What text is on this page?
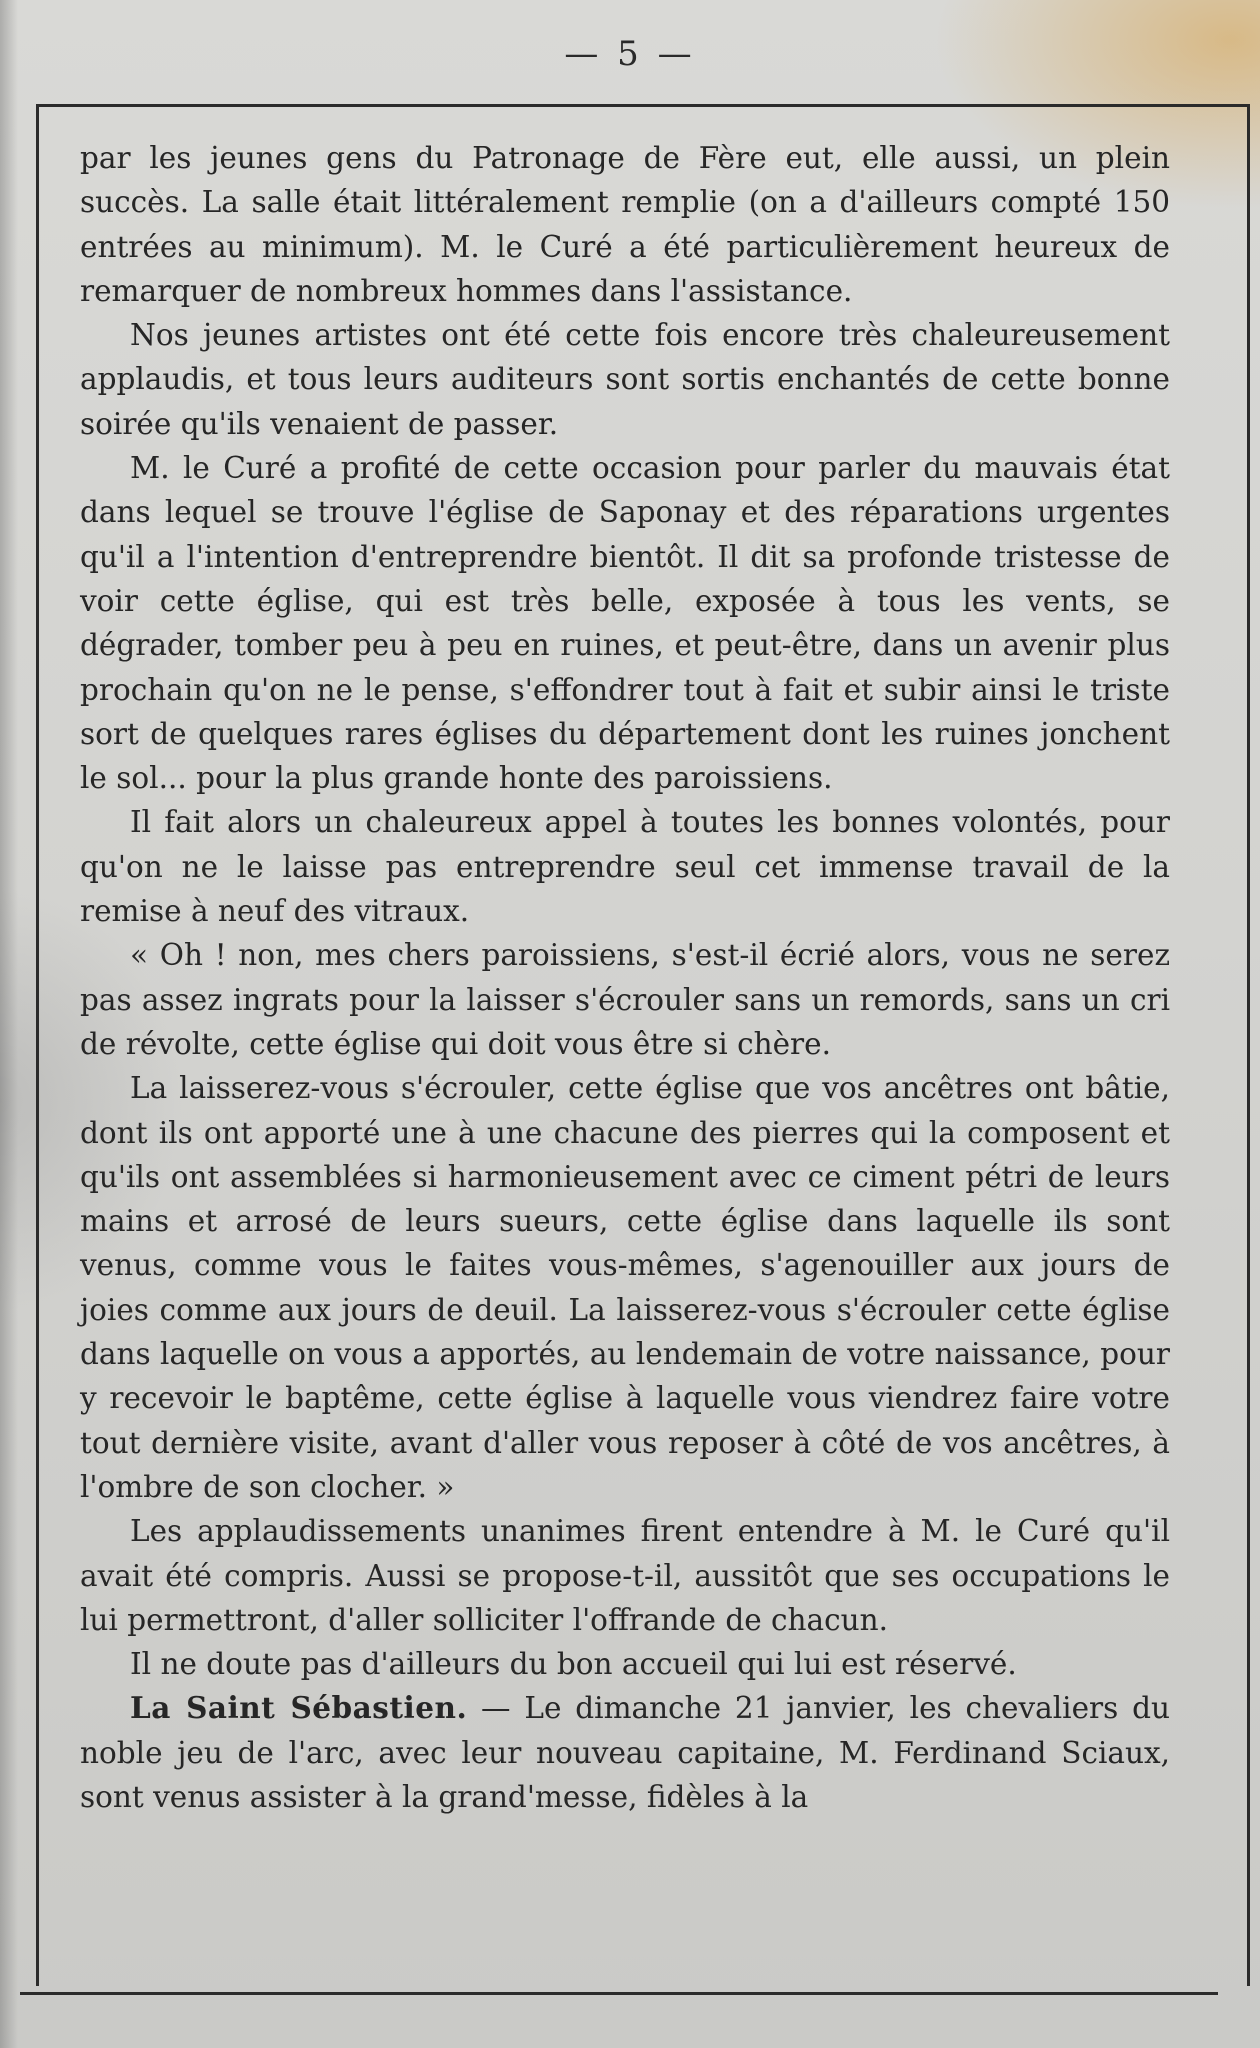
— 5 —

par les jeunes gens du Patronage de Fère eut, elle aussi, un plein succès. La salle était littéralement remplie (on a d'ailleurs compté 150 entrées au minimum). M. le Curé a été particulièrement heureux de remarquer de nombreux hommes dans l'assistance.

Nos jeunes artistes ont été cette fois encore très chaleureusement applaudis, et tous leurs auditeurs sont sortis enchantés de cette bonne soirée qu'ils venaient de passer.

M. le Curé a profité de cette occasion pour parler du mauvais état dans lequel se trouve l'église de Saponay et des réparations urgentes qu'il a l'intention d'entreprendre bientôt. Il dit sa profonde tristesse de voir cette église, qui est très belle, exposée à tous les vents, se dégrader, tomber peu à peu en ruines, et peut-être, dans un avenir plus prochain qu'on ne le pense, s'effondrer tout à fait et subir ainsi le triste sort de quelques rares églises du département dont les ruines jonchent le sol... pour la plus grande honte des paroissiens.

Il fait alors un chaleureux appel à toutes les bonnes volontés, pour qu'on ne le laisse pas entreprendre seul cet immense travail de la remise à neuf des vitraux.

« Oh ! non, mes chers paroissiens, s'est-il écrié alors, vous ne serez pas assez ingrats pour la laisser s'écrouler sans un remords, sans un cri de révolte, cette église qui doit vous être si chère.

La laisserez-vous s'écrouler, cette église que vos ancêtres ont bâtie, dont ils ont apporté une à une chacune des pierres qui la composent et qu'ils ont assemblées si harmonieusement avec ce ciment pétri de leurs mains et arrosé de leurs sueurs, cette église dans laquelle ils sont venus, comme vous le faites vous-mêmes, s'agenouiller aux jours de joies comme aux jours de deuil. La laisserez-vous s'écrouler cette église dans laquelle on vous a apportés, au lendemain de votre naissance, pour y recevoir le baptême, cette église à laquelle vous viendrez faire votre tout dernière visite, avant d'aller vous reposer à côté de vos ancêtres, à l'ombre de son clocher. »

Les applaudissements unanimes firent entendre à M. le Curé qu'il avait été compris. Aussi se propose-t-il, aussitôt que ses occupations le lui permettront, d'aller solliciter l'offrande de chacun.

Il ne doute pas d'ailleurs du bon accueil qui lui est réservé.

La Saint Sébastien. — Le dimanche 21 janvier, les chevaliers du noble jeu de l'arc, avec leur nouveau capitaine, M. Ferdinand Sciaux, sont venus assister à la grand'messe, fidèles à la
